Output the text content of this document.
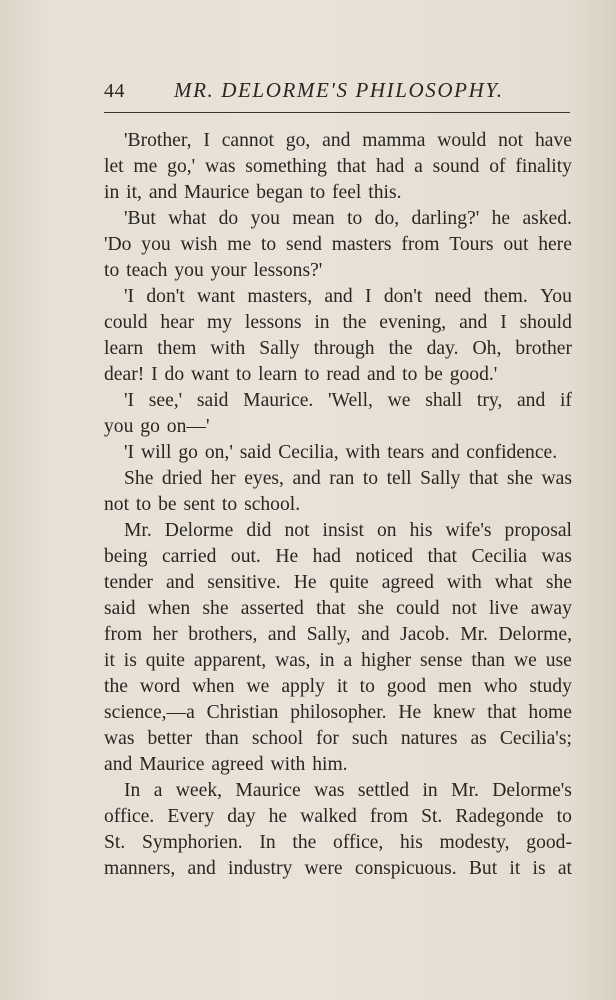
44 MR. DELORME'S PHILOSOPHY.
'Brother, I cannot go, and mamma would not have
let me go,' was something that had a sound of finality
in it, and Maurice began to feel this.
'But what do you mean to do, darling?' he asked.
'Do you wish me to send masters from Tours out here
to teach you your lessons?'
'I don't want masters, and I don't need them. You
could hear my lessons in the evening, and I should
learn them with Sally through the day. Oh, brother
dear! I do want to learn to read and to be good.'
'I see,' said Maurice. 'Well, we shall try, and if
you go on—'
'I will go on,' said Cecilia, with tears and confidence.
She dried her eyes, and ran to tell Sally that she was
not to be sent to school.
Mr. Delorme did not insist on his wife's proposal
being carried out. He had noticed that Cecilia was
tender and sensitive. He quite agreed with what she
said when she asserted that she could not live away
from her brothers, and Sally, and Jacob. Mr. Delorme,
it is quite apparent, was, in a higher sense than we use
the word when we apply it to good men who study
science,—a Christian philosopher. He knew that home
was better than school for such natures as Cecilia's;
and Maurice agreed with him.
In a week, Maurice was settled in Mr. Delorme's
office. Every day he walked from St. Radegonde to
St. Symphorien. In the office, his modesty, good-
manners, and industry were conspicuous. But it is at
